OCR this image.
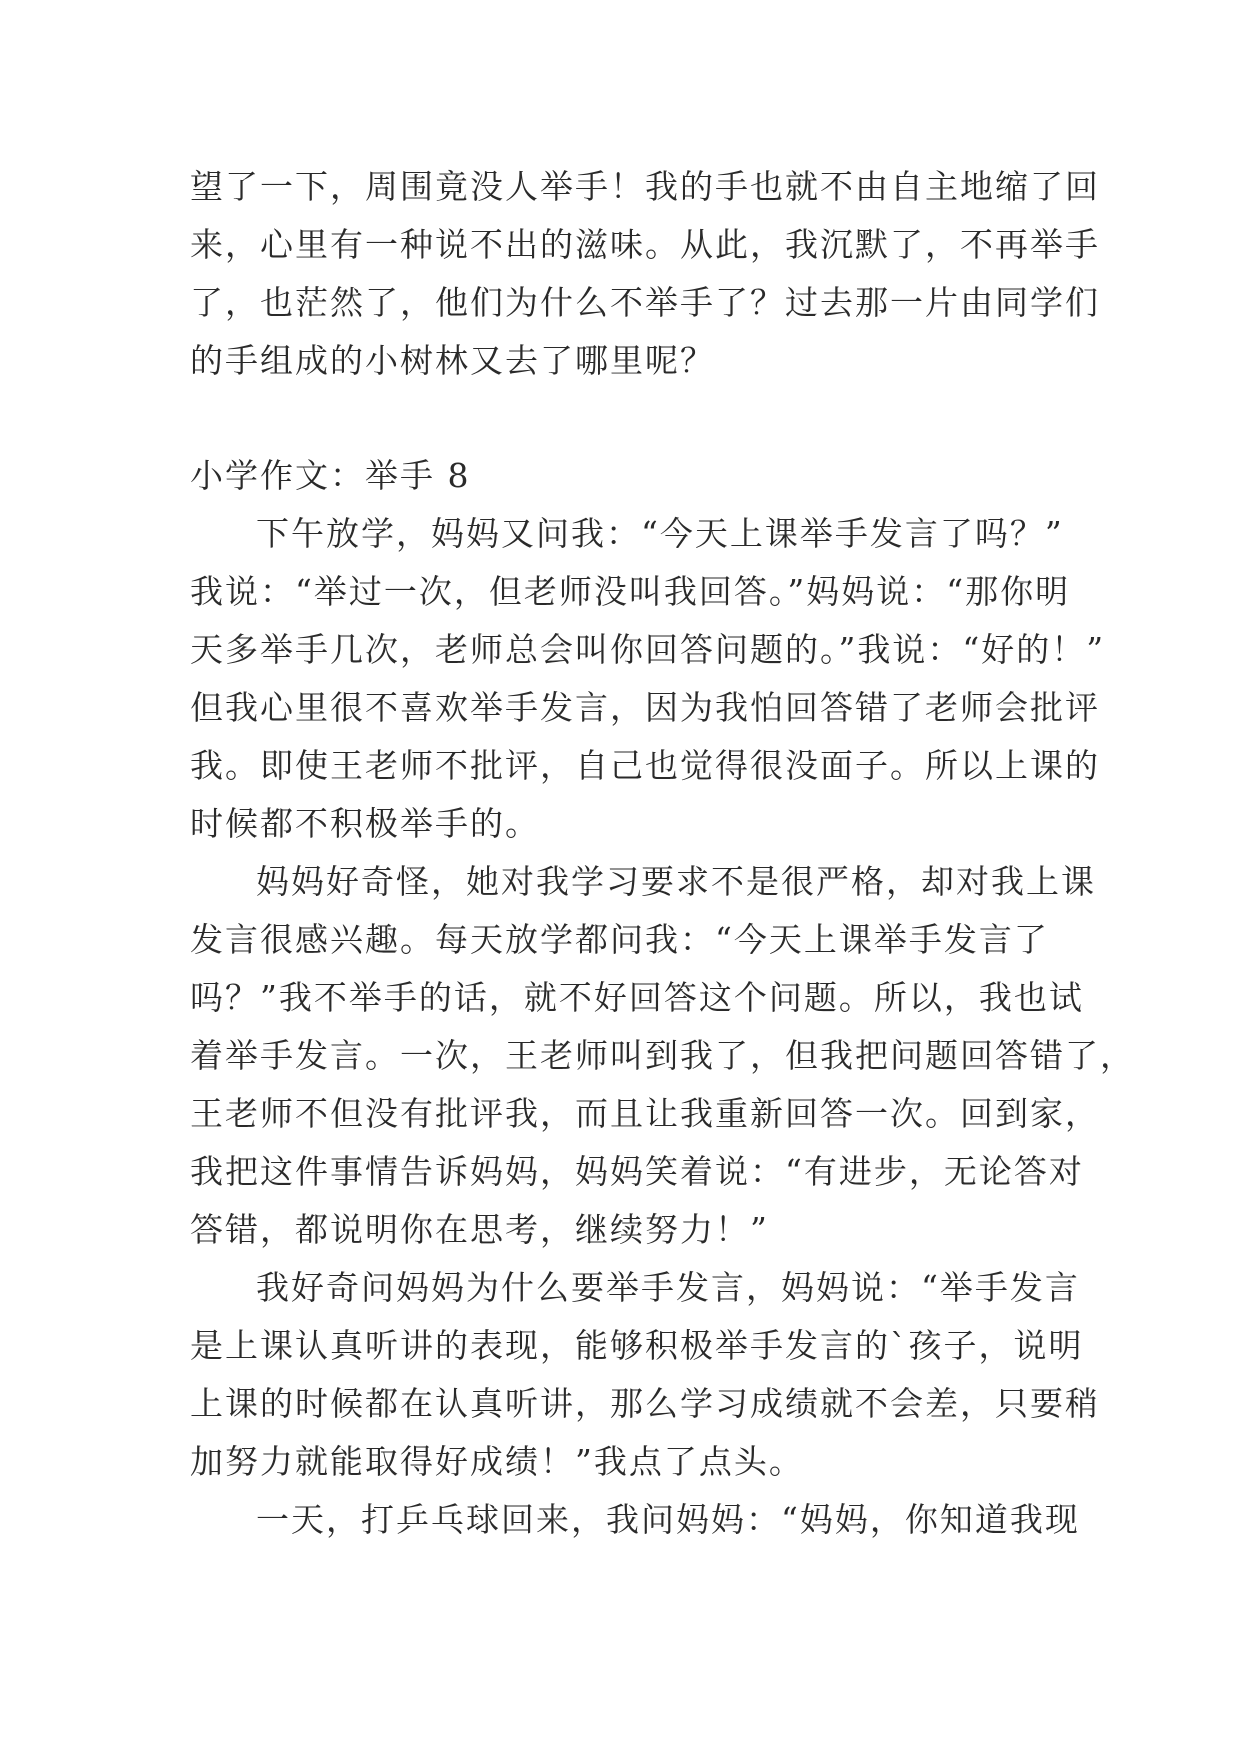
望了一下，周围竟没人举手！我的手也就不由自主地缩了回
来，心里有一种说不出的滋味。从此，我沉默了，不再举手
了，也茫然了，他们为什么不举手了？过去那一片由同学们
的手组成的小树林又去了哪里呢？
小学作文：举手 8
下午放学，妈妈又问我：“今天上课举手发言了吗？”
我说：“举过一次，但老师没叫我回答。”妈妈说：“那你明
天多举手几次，老师总会叫你回答问题的。”我说：“好的！”
但我心里很不喜欢举手发言，因为我怕回答错了老师会批评
我。即使王老师不批评，自己也觉得很没面子。所以上课的
时候都不积极举手的。
妈妈好奇怪，她对我学习要求不是很严格，却对我上课
发言很感兴趣。每天放学都问我：“今天上课举手发言了
吗？”我不举手的话，就不好回答这个问题。所以，我也试
着举手发言。一次，王老师叫到我了，但我把问题回答错了，
王老师不但没有批评我，而且让我重新回答一次。回到家，
我把这件事情告诉妈妈，妈妈笑着说：“有进步，无论答对
答错，都说明你在思考，继续努力！”
我好奇问妈妈为什么要举手发言，妈妈说：“举手发言
是上课认真听讲的表现，能够积极举手发言的`孩子，说明
上课的时候都在认真听讲，那么学习成绩就不会差，只要稍
加努力就能取得好成绩！”我点了点头。
一天，打乒乓球回来，我问妈妈：“妈妈，你知道我现
